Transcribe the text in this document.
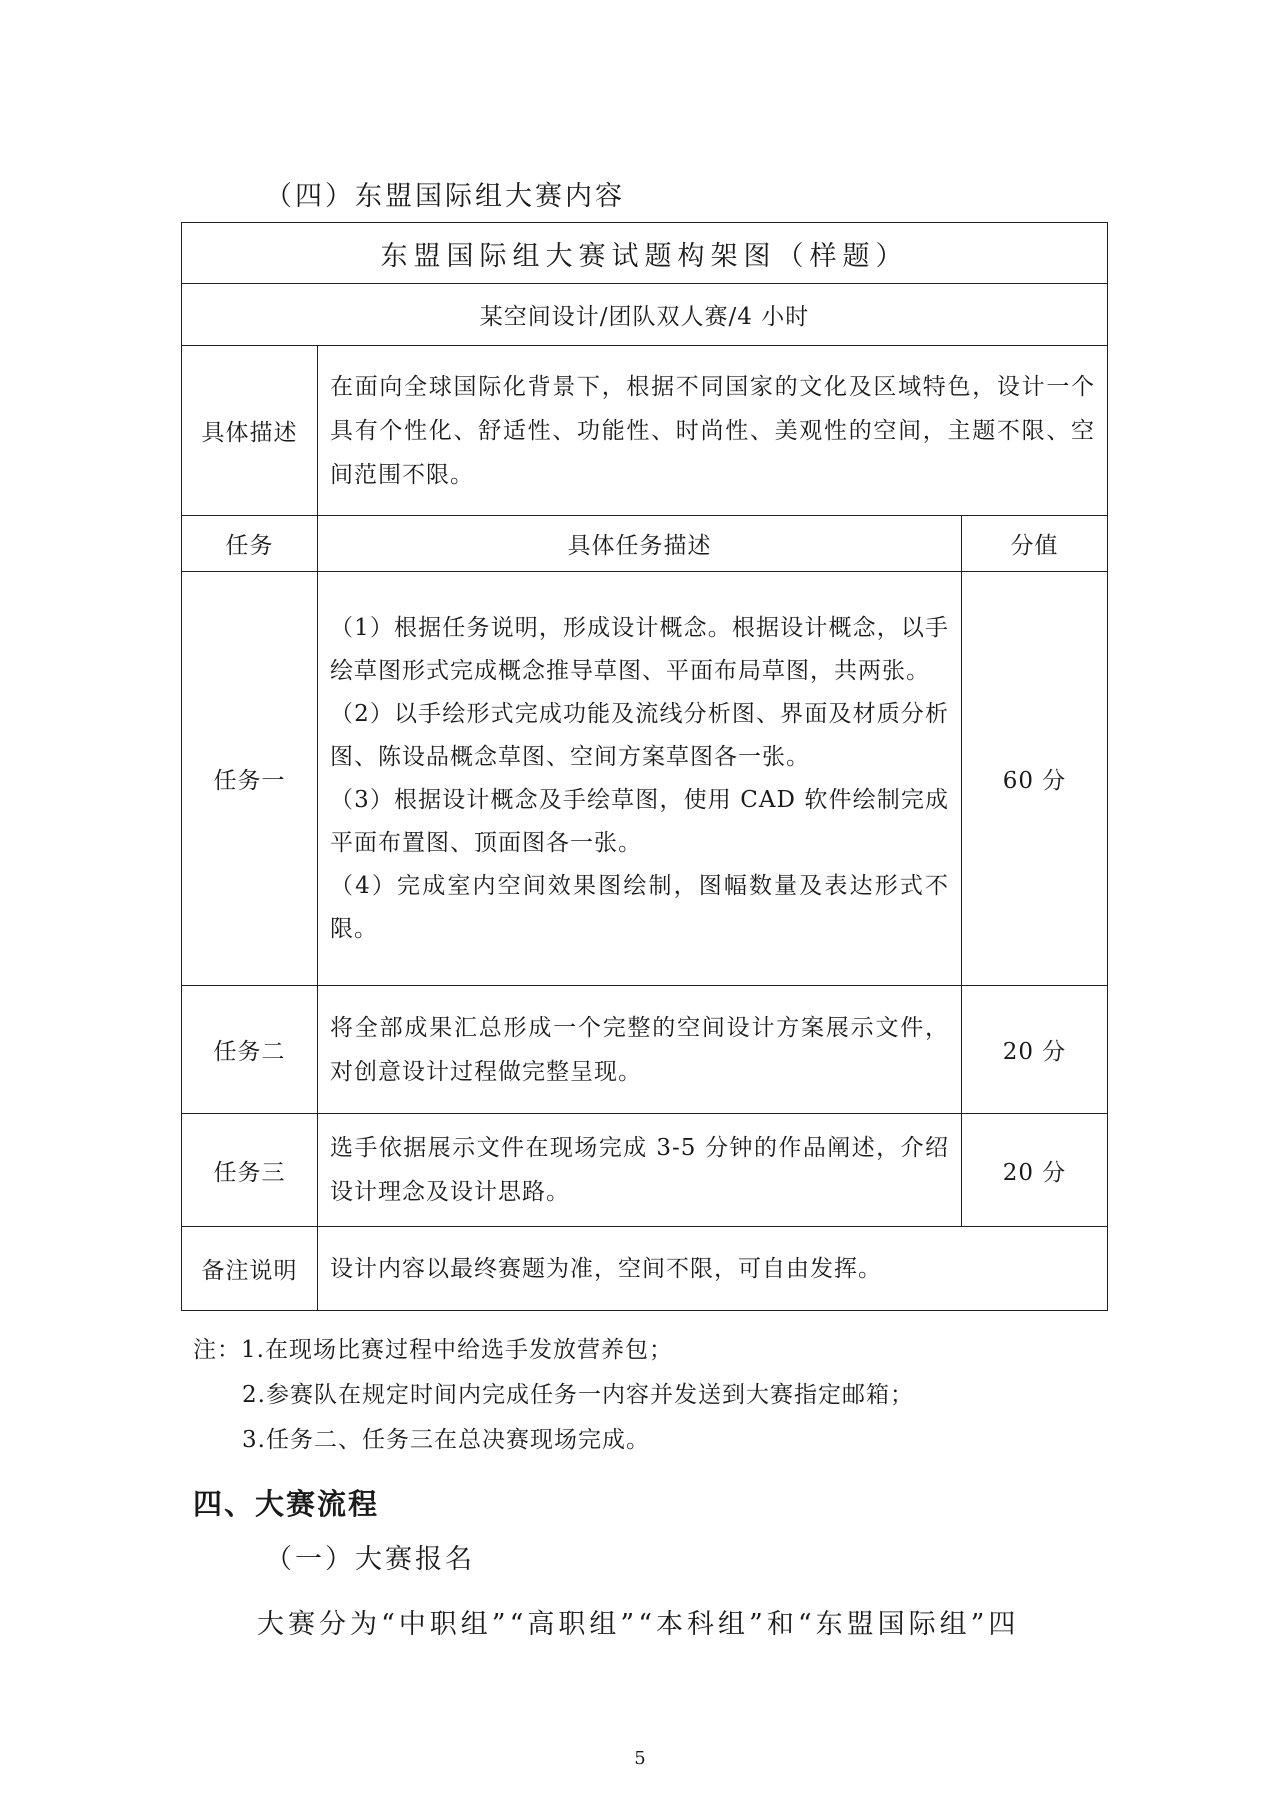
（四）东盟国际组大赛内容
东盟国际组大赛试题构架图（样题）		
某空间设计/团队双人赛/4 小时		
具体描述	在面向全球国际化背景下，根据不同国家的文化及区域特色，设计一个具有个性化、舒适性、功能性、时尚性、美观性的空间，主题不限、空间范围不限。	
任务	具体任务描述	分值
任务一	（1）根据任务说明，形成设计概念。根据设计概念，以手绘草图形式完成概念推导草图、平面布局草图，共两张。
（2）以手绘形式完成功能及流线分析图、界面及材质分析图、陈设品概念草图、空间方案草图各一张。
（3）根据设计概念及手绘草图，使用 CAD 软件绘制完成平面布置图、顶面图各一张。
（4）完成室内空间效果图绘制，图幅数量及表达形式不限。	60 分
任务二	将全部成果汇总形成一个完整的空间设计方案展示文件，对创意设计过程做完整呈现。	20 分
任务三	选手依据展示文件在现场完成 3-5 分钟的作品阐述，介绍设计理念及设计思路。	20 分
备注说明	设计内容以最终赛题为准，空间不限，可自由发挥。	
注：1.在现场比赛过程中给选手发放营养包；
2.参赛队在规定时间内完成任务一内容并发送到大赛指定邮箱；
3.任务二、任务三在总决赛现场完成。
四、大赛流程
（一）大赛报名
大赛分为“中职组”“高职组”“本科组”和“东盟国际组”四
5
